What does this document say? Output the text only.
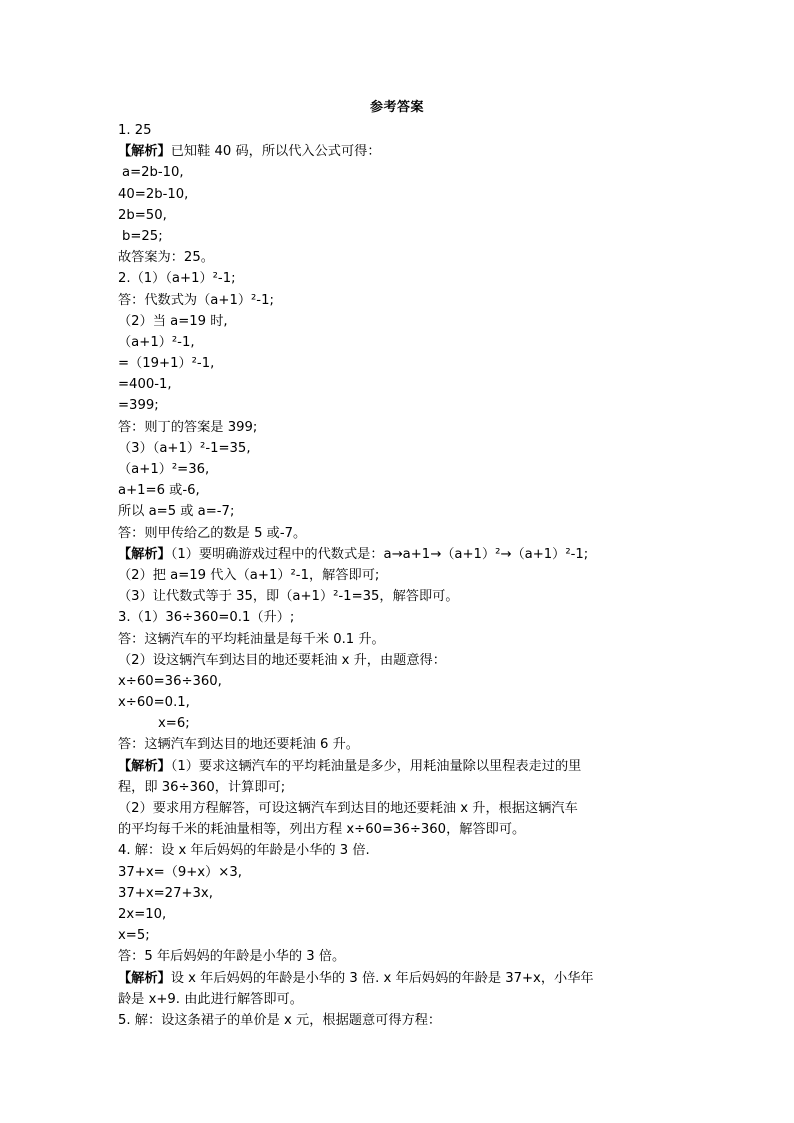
参考答案
1. 25
【解析】已知鞋 40 码，所以代入公式可得：
a=2b-10,
40=2b-10,
2b=50,
b=25;
故答案为：25。
2.（1）（a+1）²-1;
答：代数式为（a+1）²-1;
（2）当 a=19 时,
（a+1）²-1,
=（19+1）²-1,
=400-1,
=399;
答：则丁的答案是 399;
（3）（a+1）²-1=35,
（a+1）²=36,
a+1=6 或-6,
所以 a=5 或 a=-7;
答：则甲传给乙的数是 5 或-7。
【解析】（1）要明确游戏过程中的代数式是：a→a+1→（a+1）²→（a+1）²-1;
（2）把 a=19 代入（a+1）²-1，解答即可;
（3）让代数式等于 35，即（a+1）²-1=35，解答即可。
3.（1）36÷360=0.1（升）;
答：这辆汽车的平均耗油量是每千米 0.1 升。
（2）设这辆汽车到达目的地还要耗油 x 升，由题意得：
x÷60=36÷360,
x÷60=0.1,
x=6;
答：这辆汽车到达目的地还要耗油 6 升。
【解析】（1）要求这辆汽车的平均耗油量是多少，用耗油量除以里程表走过的里
程，即 36÷360，计算即可;
（2）要求用方程解答，可设这辆汽车到达目的地还要耗油 x 升，根据这辆汽车
的平均每千米的耗油量相等，列出方程 x÷60=36÷360，解答即可。
4. 解：设 x 年后妈妈的年龄是小华的 3 倍.
37+x=（9+x）×3,
37+x=27+3x,
2x=10,
x=5;
答：5 年后妈妈的年龄是小华的 3 倍。
【解析】设 x 年后妈妈的年龄是小华的 3 倍. x 年后妈妈的年龄是 37+x，小华年
龄是 x+9. 由此进行解答即可。
5. 解：设这条裙子的单价是 x 元，根据题意可得方程：
